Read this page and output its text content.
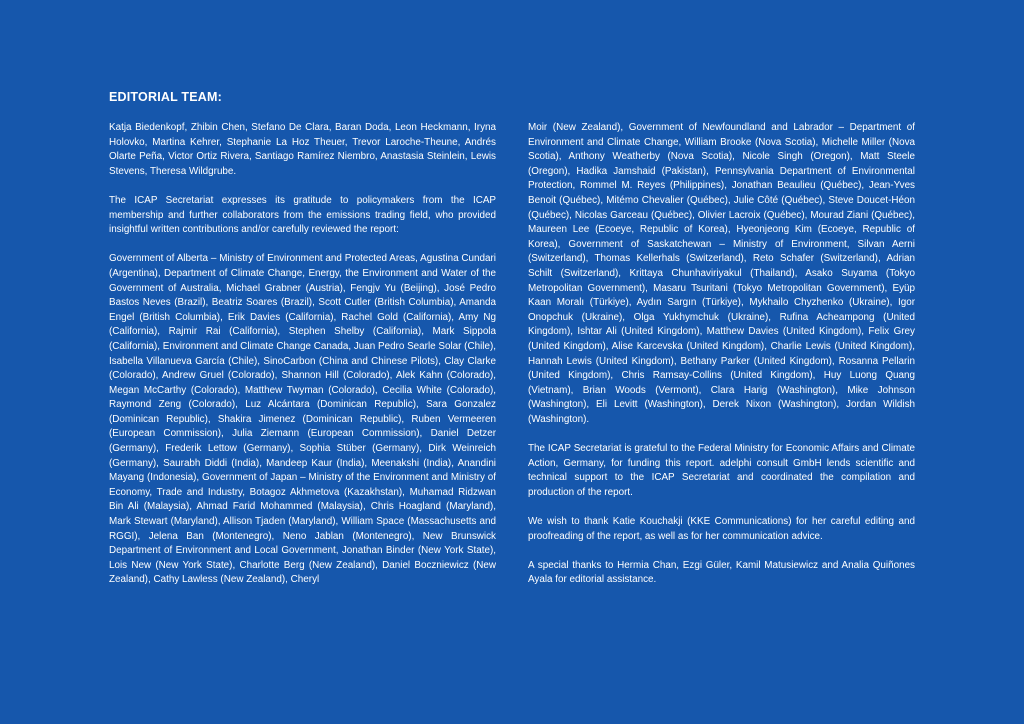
EDITORIAL TEAM:

Katja Biedenkopf, Zhibin Chen, Stefano De Clara, Baran Doda, Leon Heckmann, Iryna Holovko, Martina Kehrer, Stephanie La Hoz Theuer, Trevor Laroche-Theune, Andrés Olarte Peña, Victor Ortiz Rivera, Santiago Ramírez Niembro, Anastasia Steinlein, Lewis Stevens, Theresa Wildgrube.

The ICAP Secretariat expresses its gratitude to policymakers from the ICAP membership and further collaborators from the emissions trading field, who provided insightful written contributions and/or carefully reviewed the report:

Government of Alberta – Ministry of Environment and Protected Areas, Agustina Cundari (Argentina), Department of Climate Change, Energy, the Environment and Water of the Government of Australia, Michael Grabner (Austria), Fengjv Yu (Beijing), José Pedro Bastos Neves (Brazil), Beatriz Soares (Brazil), Scott Cutler (British Columbia), Amanda Engel (British Columbia), Erik Davies (California), Rachel Gold (California), Amy Ng (California), Rajmir Rai (California), Stephen Shelby (California), Mark Sippola (California), Environment and Climate Change Canada, Juan Pedro Searle Solar (Chile), Isabella Villanueva García (Chile), SinoCarbon (China and Chinese Pilots), Clay Clarke (Colorado), Andrew Gruel (Colorado), Shannon Hill (Colorado), Alek Kahn (Colorado), Megan McCarthy (Colorado), Matthew Twyman (Colorado), Cecilia White (Colorado), Raymond Zeng (Colorado), Luz Alcántara (Dominican Republic), Sara Gonzalez (Dominican Republic), Shakira Jimenez (Dominican Republic), Ruben Vermeeren (European Commission), Julia Ziemann (European Commission), Daniel Detzer (Germany), Frederik Lettow (Germany), Sophia Stüber (Germany), Dirk Weinreich (Germany), Saurabh Diddi (India), Mandeep Kaur (India), Meenakshi (India), Anandini Mayang (Indonesia), Government of Japan – Ministry of the Environment and Ministry of Economy, Trade and Industry, Botagoz Akhmetova (Kazakhstan), Muhamad Ridzwan Bin Ali (Malaysia), Ahmad Farid Mohammed (Malaysia), Chris Hoagland (Maryland), Mark Stewart (Maryland), Allison Tjaden (Maryland), William Space (Massachusetts and RGGI), Jelena Ban (Montenegro), Neno Jablan (Montenegro), New Brunswick Department of Environment and Local Government, Jonathan Binder (New York State), Lois New (New York State), Charlotte Berg (New Zealand), Daniel Boczniewicz (New Zealand), Cathy Lawless (New Zealand), Cheryl

Moir (New Zealand), Government of Newfoundland and Labrador – Department of Environment and Climate Change, William Brooke (Nova Scotia), Michelle Miller (Nova Scotia), Anthony Weatherby (Nova Scotia), Nicole Singh (Oregon), Matt Steele (Oregon), Hadika Jamshaid (Pakistan), Pennsylvania Department of Environmental Protection, Rommel M. Reyes (Philippines), Jonathan Beaulieu (Québec), Jean-Yves Benoit (Québec), Mitémo Chevalier (Québec), Julie Côté (Québec), Steve Doucet-Héon (Québec), Nicolas Garceau (Québec), Olivier Lacroix (Québec), Mourad Ziani (Québec), Maureen Lee (Ecoeye, Republic of Korea), Hyeonjeong Kim (Ecoeye, Republic of Korea), Government of Saskatchewan – Ministry of Environment, Silvan Aerni (Switzerland), Thomas Kellerhals (Switzerland), Reto Schafer (Switzerland), Adrian Schilt (Switzerland), Krittaya Chunhaviriyakul (Thailand), Asako Suyama (Tokyo Metropolitan Government), Masaru Tsuritani (Tokyo Metropolitan Government), Eyüp Kaan Moralı (Türkiye), Aydın Sargın (Türkiye), Mykhailo Chyzhenko (Ukraine), Igor Onopchuk (Ukraine), Olga Yukhymchuk (Ukraine), Rufina Acheampong (United Kingdom), Ishtar Ali (United Kingdom), Matthew Davies (United Kingdom), Felix Grey (United Kingdom), Alise Karcevska (United Kingdom), Charlie Lewis (United Kingdom), Hannah Lewis (United Kingdom), Bethany Parker (United Kingdom), Rosanna Pellarin (United Kingdom), Chris Ramsay-Collins (United Kingdom), Huy Luong Quang (Vietnam), Brian Woods (Vermont), Clara Harig (Washington), Mike Johnson (Washington), Eli Levitt (Washington), Derek Nixon (Washington), Jordan Wildish (Washington).

The ICAP Secretariat is grateful to the Federal Ministry for Economic Affairs and Climate Action, Germany, for funding this report. adelphi consult GmbH lends scientific and technical support to the ICAP Secretariat and coordinated the compilation and production of the report.

We wish to thank Katie Kouchakji (KKE Communications) for her careful editing and proofreading of the report, as well as for her communication advice.

A special thanks to Hermia Chan, Ezgi Güler, Kamil Matusiewicz and Analia Quiñones Ayala for editorial assistance.
